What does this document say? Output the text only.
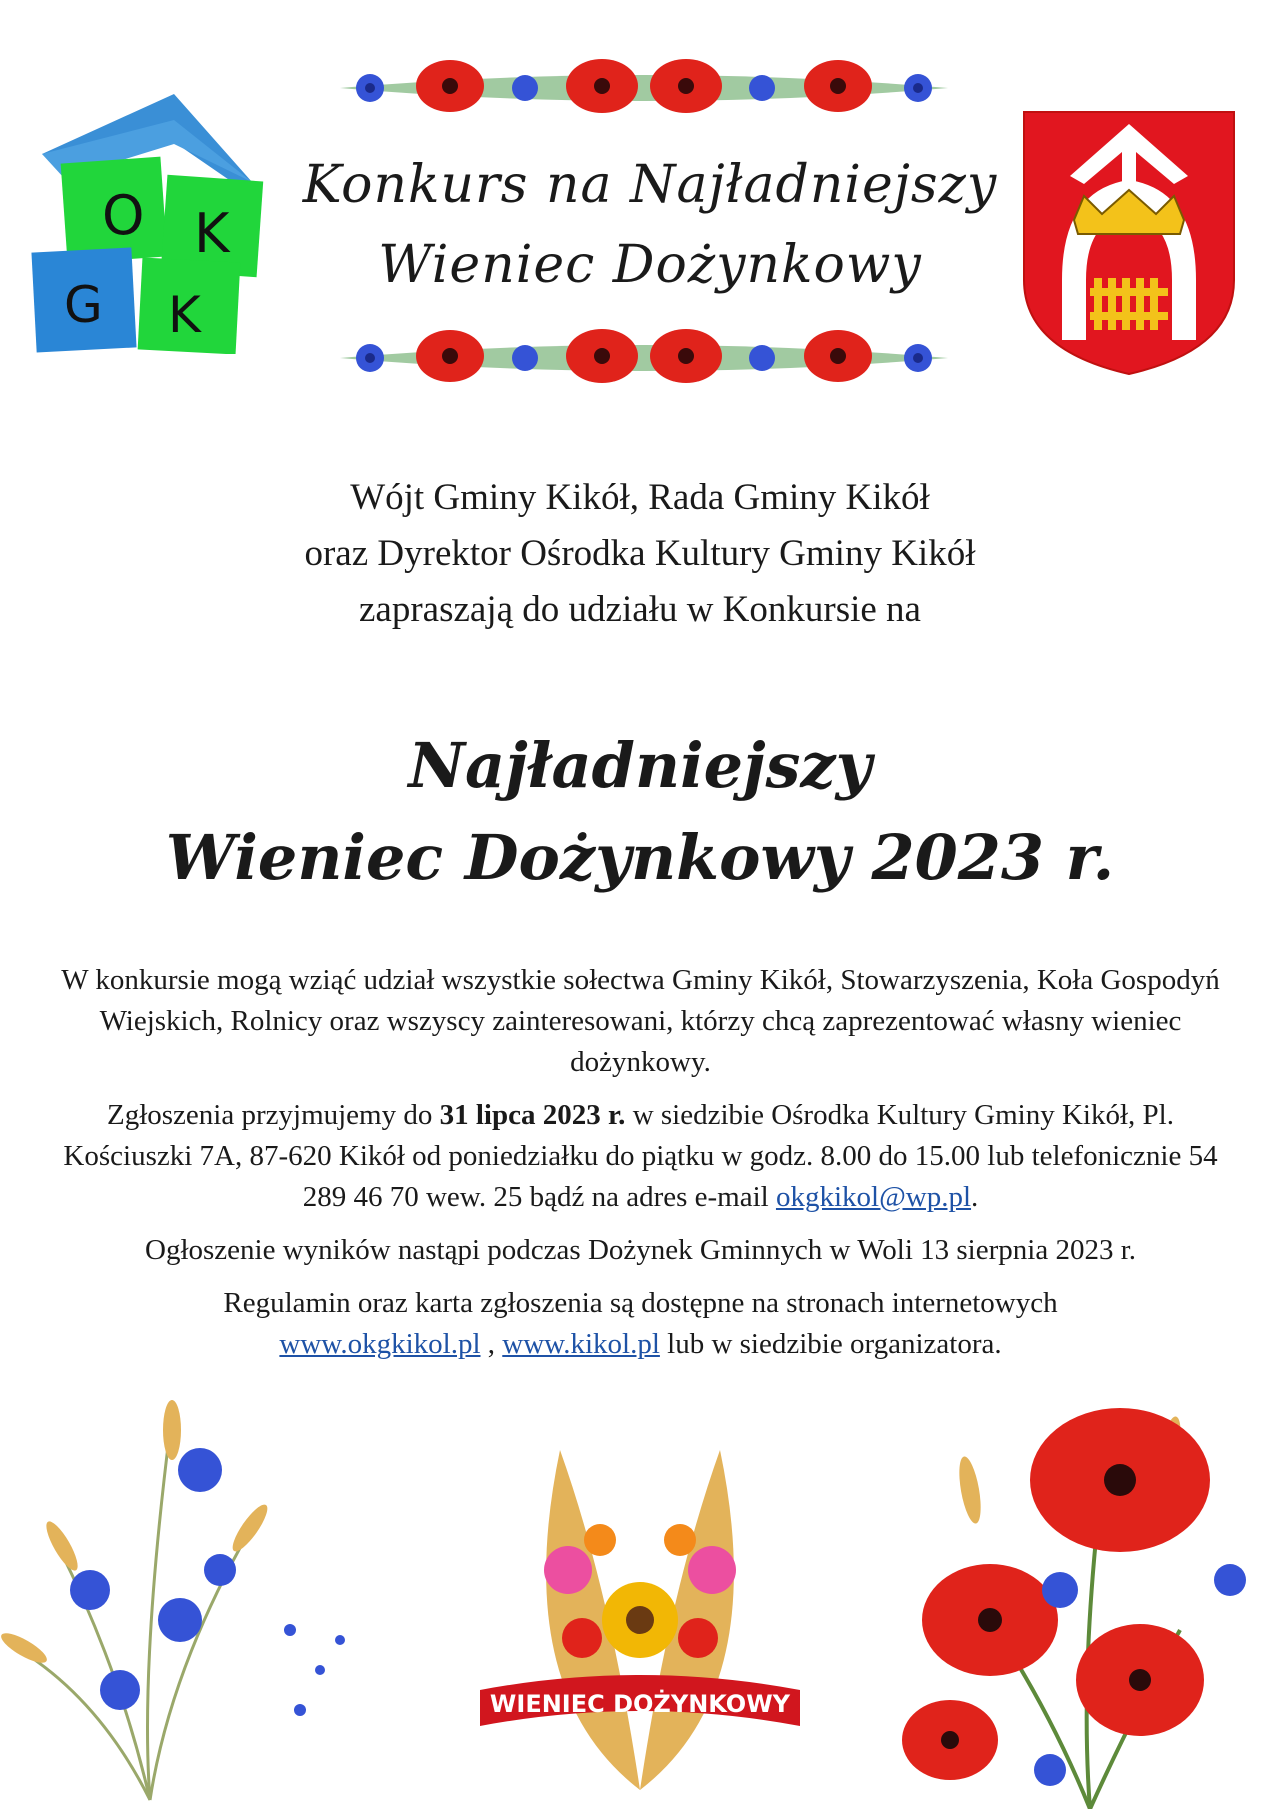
O K
G K
Konkurs na Najładniejszy
Wieniec Dożynkowy
Wójt Gminy Kikół, Rada Gminy Kikół
oraz Dyrektor Ośrodka Kultury Gminy Kikół
zapraszają do udziału w Konkursie na
Najładniejszy
Wieniec Dożynkowy 2023 r.

W konkursie mogą wziąć udział wszystkie sołectwa Gminy Kikół, Stowarzyszenia, Koła Gospodyń Wiejskich, Rolnicy oraz wszyscy zainteresowani, którzy chcą zaprezentować własny wieniec dożynkowy.

Zgłoszenia przyjmujemy do 31 lipca 2023 r. w siedzibie Ośrodka Kultury Gminy Kikół, Pl. Kościuszki 7A, 87-620 Kikół od poniedziałku do piątku w godz. 8.00 do 15.00 lub telefonicznie 54 289 46 70 wew. 25 bądź na adres e-mail okgkikol@wp.pl.

Ogłoszenie wyników nastąpi podczas Dożynek Gminnych w Woli 13 sierpnia 2023 r.

Regulamin oraz karta zgłoszenia są dostępne na stronach internetowych
www.okgkikol.pl , www.kikol.pl lub w siedzibie organizatora.

WIENIEC DOŻYNKOWY
